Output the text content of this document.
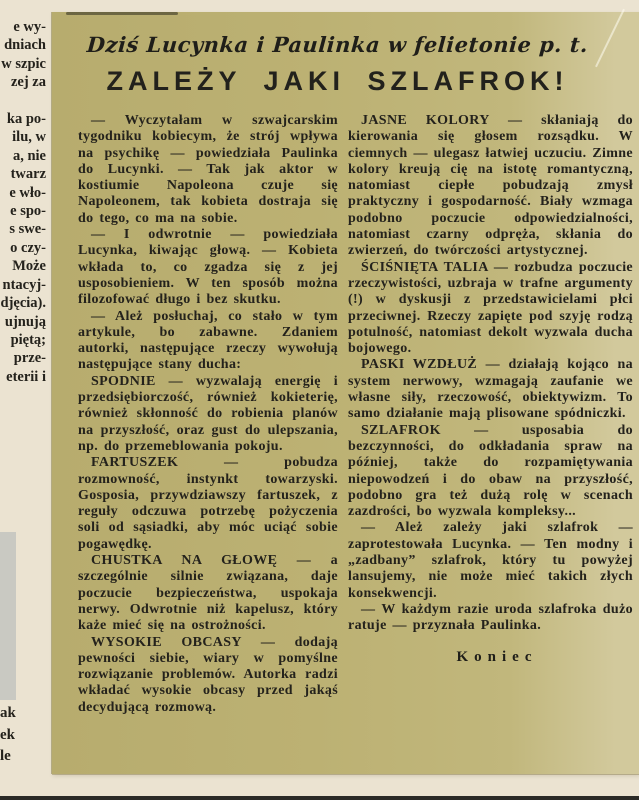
e wy-

dniach

w szpic

zej za

ka po-

ilu, w

a, nie

twarz

e wło-

e spo-

s swe-

o czy-

Może

ntacyj-

djęcia).

ujnują

piętą;

prze-

eterii i

ak

ek

le

Dziś Lucynka i Paulinka w felietonie p. t.
ZALEŻY JAKI SZLAFROK!

— Wyczytałam w szwajcarskim tygodniku kobiecym, że strój wpływa na psychikę — powiedziała Paulinka do Lucynki. — Tak jak aktor w kostiumie Napoleona czuje się Napoleonem, tak kobieta dostraja się do tego, co ma na sobie.

— I odwrotnie — powiedziała Lucynka, kiwając głową. — Kobieta wkłada to, co zgadza się z jej usposobieniem. W ten sposób można filozofować długo i bez skutku.

— Ależ posłuchaj, co stało w tym artykule, bo zabawne. Zdaniem autorki, następujące rzeczy wywołują następujące stany ducha:

SPODNIE — wyzwalają energię i przedsiębiorczość, również kokieterię, również skłonność do robienia planów na przyszłość, oraz gust do ulepszania, np. do przemeblowania pokoju.

FARTUSZEK — pobudza rozmowność, instynkt towarzyski. Gosposia, przywdziawszy fartuszek, z reguły odczuwa potrzebę pożyczenia soli od sąsiadki, aby móc uciąć sobie pogawędkę.

CHUSTKA NA GŁOWĘ — a szczególnie silnie związana, daje poczucie bezpieczeństwa, uspokaja nerwy. Odwrotnie niż kapelusz, który każe mieć się na ostrożności.

WYSOKIE OBCASY — dodają pewności siebie, wiary w pomyślne rozwiązanie problemów. Autorka radzi wkładać wysokie obcasy przed jakąś decydującą rozmową.

JASNE KOLORY — skłaniają do kierowania się głosem rozsądku. W ciemnych — ulegasz łatwiej uczuciu. Zimne kolory kreują cię na istotę romantyczną, natomiast ciepłe pobudzają zmysł praktyczny i gospodarność. Biały wzmaga podobno poczucie odpowiedzialności, natomiast czarny odpręża, skłania do zwierzeń, do twórczości artystycznej.

ŚCIŚNIĘTA TALIA — rozbudza poczucie rzeczywistości, uzbraja w trafne argumenty (!) w dyskusji z przedstawicielami płci przeciwnej. Rzeczy zapięte pod szyję rodzą potulność, natomiast dekolt wyzwala ducha bojowego.

PASKI WZDŁUŻ — działają kojąco na system nerwowy, wzmagają zaufanie we własne siły, rzeczowość, obiektywizm. To samo działanie mają plisowane spódniczki.

SZLAFROK — usposabia do bezczynności, do odkładania spraw na później, także do rozpamiętywania niepowodzeń i do obaw na przyszłość, podobno gra też dużą rolę w scenach zazdrości, bo wyzwala kompleksy...

— Ależ zależy jaki szlafrok — zaprotestowała Lucynka. — Ten modny i „zadbany” szlafrok, który tu powyżej lansujemy, nie może mieć takich złych konsekwencji.

— W każdym razie uroda szlafroka dużo ratuje — przyznała Paulinka.

Koniec
